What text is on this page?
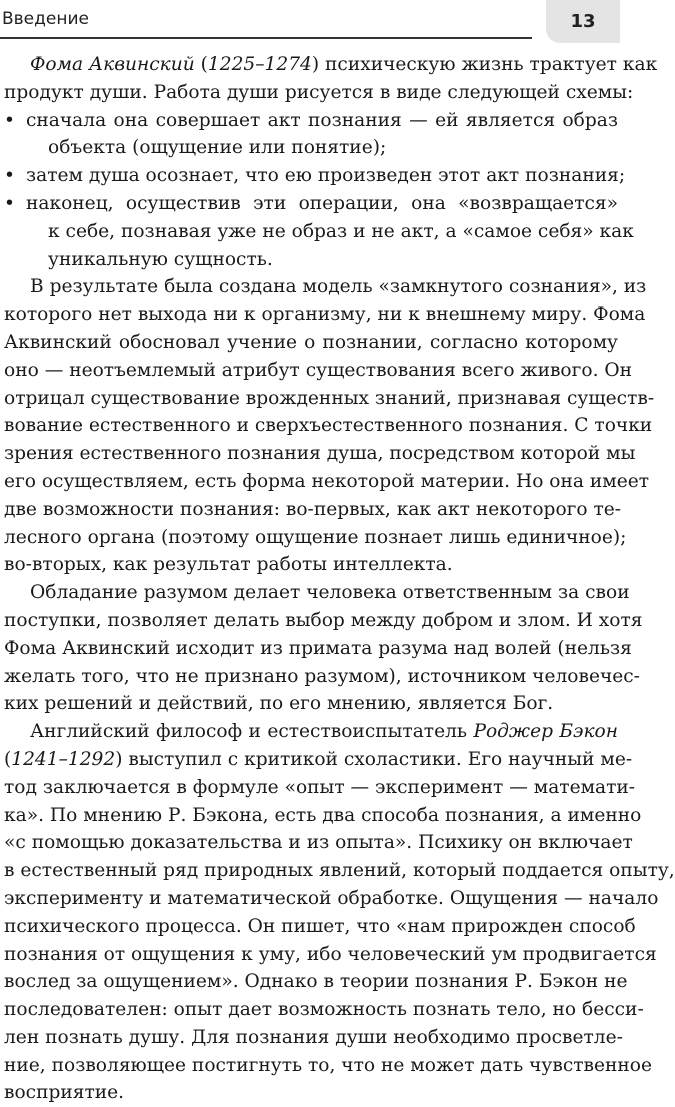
Введение	13
Фома Аквинский (1225–1274) психическую жизнь трактует как
продукт души. Работа души рисуется в виде следующей схемы:
• сначала она совершает акт познания — ей является образ
объекта (ощущение или понятие);
• затем душа осознает, что ею произведен этот акт познания;
• наконец, осуществив эти операции, она «возвращается»
к себе, познавая уже не образ и не акт, а «самое себя» как
уникальную сущность.
В результате была создана модель «замкнутого сознания», из
которого нет выхода ни к организму, ни к внешнему миру. Фома
Аквинский обосновал учение о познании, согласно которому
оно — неотъемлемый атрибут существования всего живого. Он
отрицал существование врожденных знаний, признавая существ-
вование естественного и сверхъестественного познания. С точки
зрения естественного познания душа, посредством которой мы
его осуществляем, есть форма некоторой материи. Но она имеет
две возможности познания: во-первых, как акт некоторого те-
лесного органа (поэтому ощущение познает лишь единичное);
во-вторых, как результат работы интеллекта.
Обладание разумом делает человека ответственным за свои
поступки, позволяет делать выбор между добром и злом. И хотя
Фома Аквинский исходит из примата разума над волей (нельзя
желать того, что не признано разумом), источником человечес-
ких решений и действий, по его мнению, является Бог.
Английский философ и естествоиспытатель Роджер Бэкон
(1241–1292) выступил с критикой схоластики. Его научный ме-
тод заключается в формуле «опыт — эксперимент — математи-
ка». По мнению Р. Бэкона, есть два способа познания, а именно
«с помощью доказательства и из опыта». Психику он включает
в естественный ряд природных явлений, который поддается опыту,
эксперименту и математической обработке. Ощущения — начало
психического процесса. Он пишет, что «нам прирожден способ
познания от ощущения к уму, ибо человеческий ум продвигается
вослед за ощущением». Однако в теории познания Р. Бэкон не
последователен: опыт дает возможность познать тело, но бесси-
лен познать душу. Для познания души необходимо просветле-
ние, позволяющее постигнуть то, что не может дать чувственное
восприятие.
